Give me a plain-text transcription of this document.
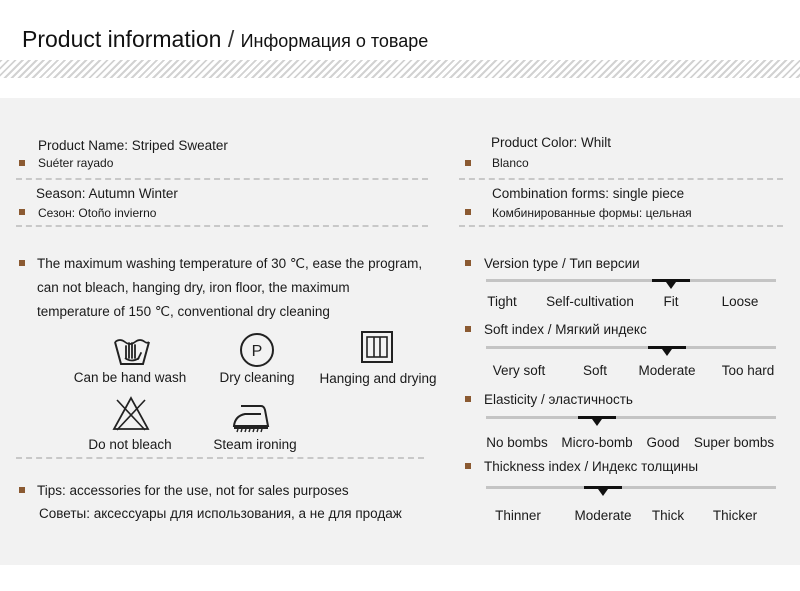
Product information / Информация о товаре
Product Name: Striped Sweater
Suéter rayado
Season: Autumn Winter
Сезон: Otoño invierno
The maximum washing temperature of 30 ℃, ease the program,
can not bleach, hanging dry, iron floor, the maximum
temperature of 150 ℃, conventional dry cleaning
Can be hand wash
P
Dry cleaning Hanging and drying
Do not bleach	Steam ironing
Tips: accessories for the use, not for sales purposes
Советы: аксессуары для использования, а не для продаж
Product Color: Whilt
Blanco
Combination forms: single piece
Комбинированные формы: цельная
Version type / Тип версии
Tight Self-cultivation Fit	Loose
Soft index / Мягкий индекс
Very soft	Soft Moderate Too hard
Elasticity / эластичность
No bombs Micro-bomb Good Super bombs
Thickness index / Индекс толщины
Thinner Moderate Thick Thicker
